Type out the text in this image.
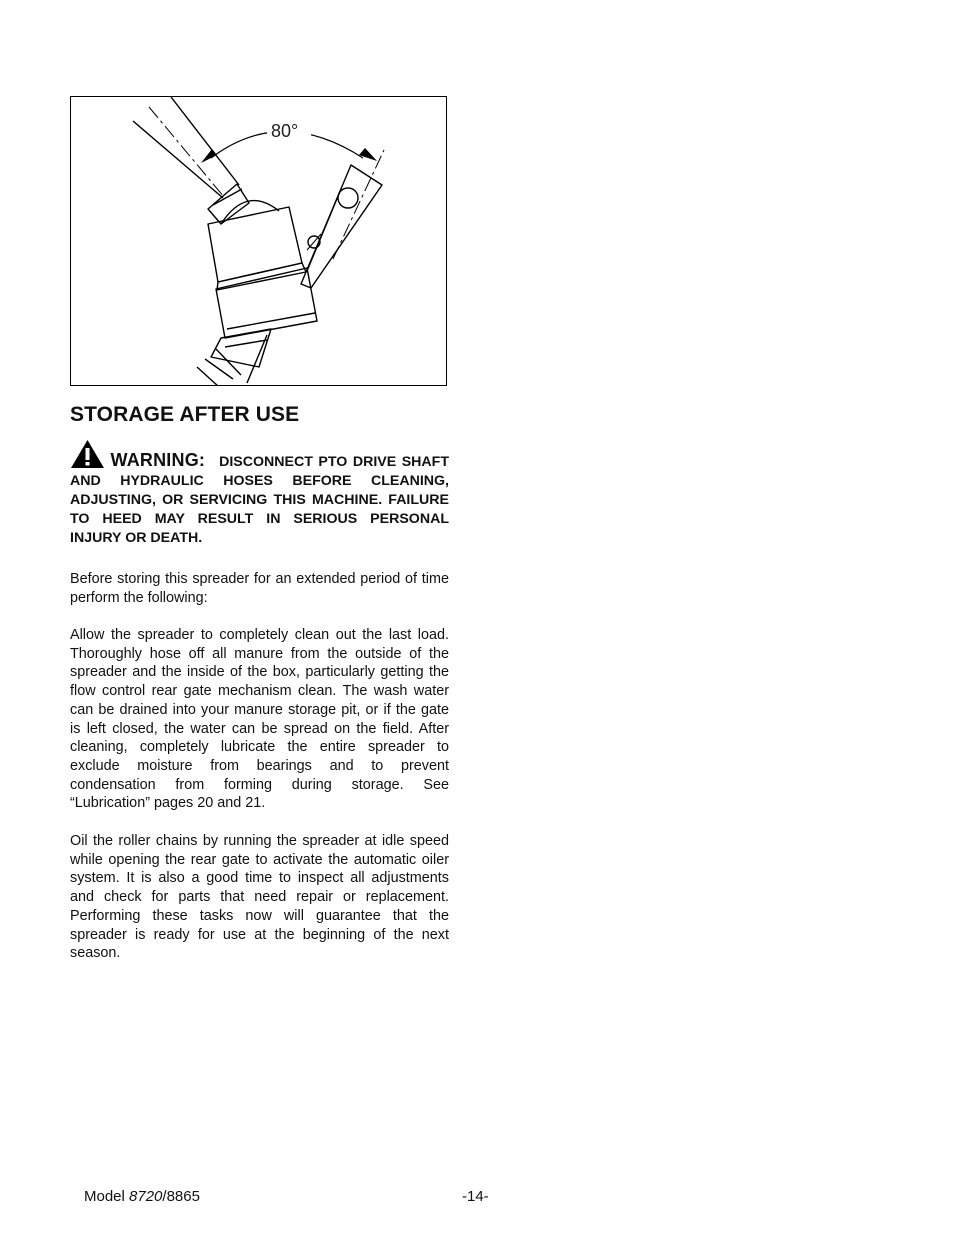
80°
STORAGE AFTER USE
WARNING: DISCONNECT PTO DRIVE SHAFT AND HYDRAULIC HOSES BEFORE CLEANING, ADJUSTING, OR SERVICING THIS MACHINE. FAILURE TO HEED MAY RESULT IN SERIOUS PERSONAL INJURY OR DEATH.

Before storing this spreader for an extended period of time perform the following:

Allow the spreader to completely clean out the last load. Thoroughly hose off all manure from the outside of the spreader and the inside of the box, particularly getting the flow control rear gate mechanism clean. The wash water can be drained into your manure storage pit, or if the gate is left closed, the water can be spread on the field. After cleaning, completely lubricate the entire spreader to exclude moisture from bearings and to prevent condensation from forming during storage. See “Lubrication” pages 20 and 21.

Oil the roller chains by running the spreader at idle speed while opening the rear gate to activate the automatic oiler system. It is also a good time to inspect all adjustments and check for parts that need repair or replacement. Performing these tasks now will guarantee that the spreader is ready for use at the beginning of the next season.

Model 8720/8865	-14-
